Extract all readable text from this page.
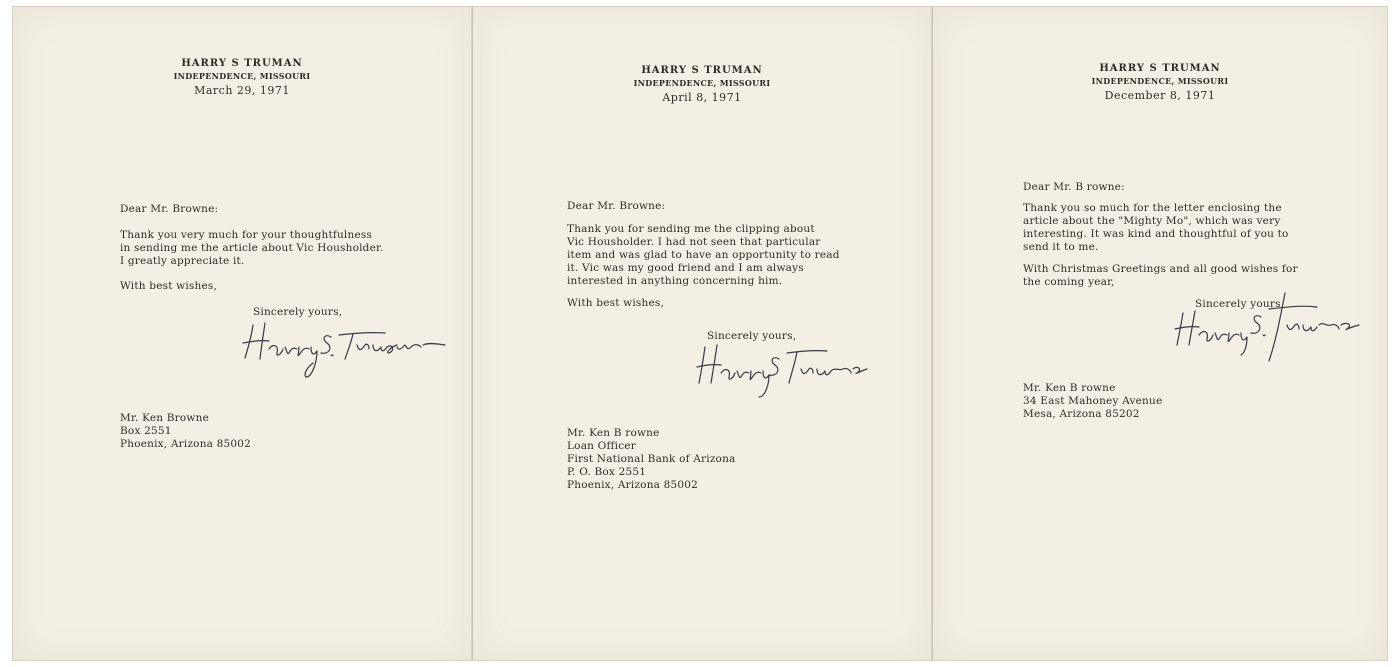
HARRY S TRUMAN
INDEPENDENCE, MISSOURI
March 29, 1971
Dear Mr. Browne:
Thank you very much for your thoughtfulness
in sending me the article about Vic Housholder.
I greatly appreciate it.
With best wishes,
Sincerely yours,
Mr. Ken Browne
Box 2551
Phoenix, Arizona 85002
HARRY S TRUMAN
INDEPENDENCE, MISSOURI
April 8, 1971
Dear Mr. Browne:
Thank you for sending me the clipping about
Vic Housholder. I had not seen that particular
item and was glad to have an opportunity to read
it. Vic was my good friend and I am always
interested in anything concerning him.
With best wishes,
Sincerely yours,
Mr. Ken B rowne
Loan Officer
First National Bank of Arizona
P. O. Box 2551
Phoenix, Arizona 85002
HARRY S TRUMAN
INDEPENDENCE, MISSOURI
December 8, 1971
Dear Mr. B rowne:
Thank you so much for the letter enclosing the
article about the "Mighty Mo", which was very
interesting. It was kind and thoughtful of you to
send it to me.
With Christmas Greetings and all good wishes for
the coming year,
Sincerely yours,
Mr. Ken B rowne
34 East Mahoney Avenue
Mesa, Arizona 85202
